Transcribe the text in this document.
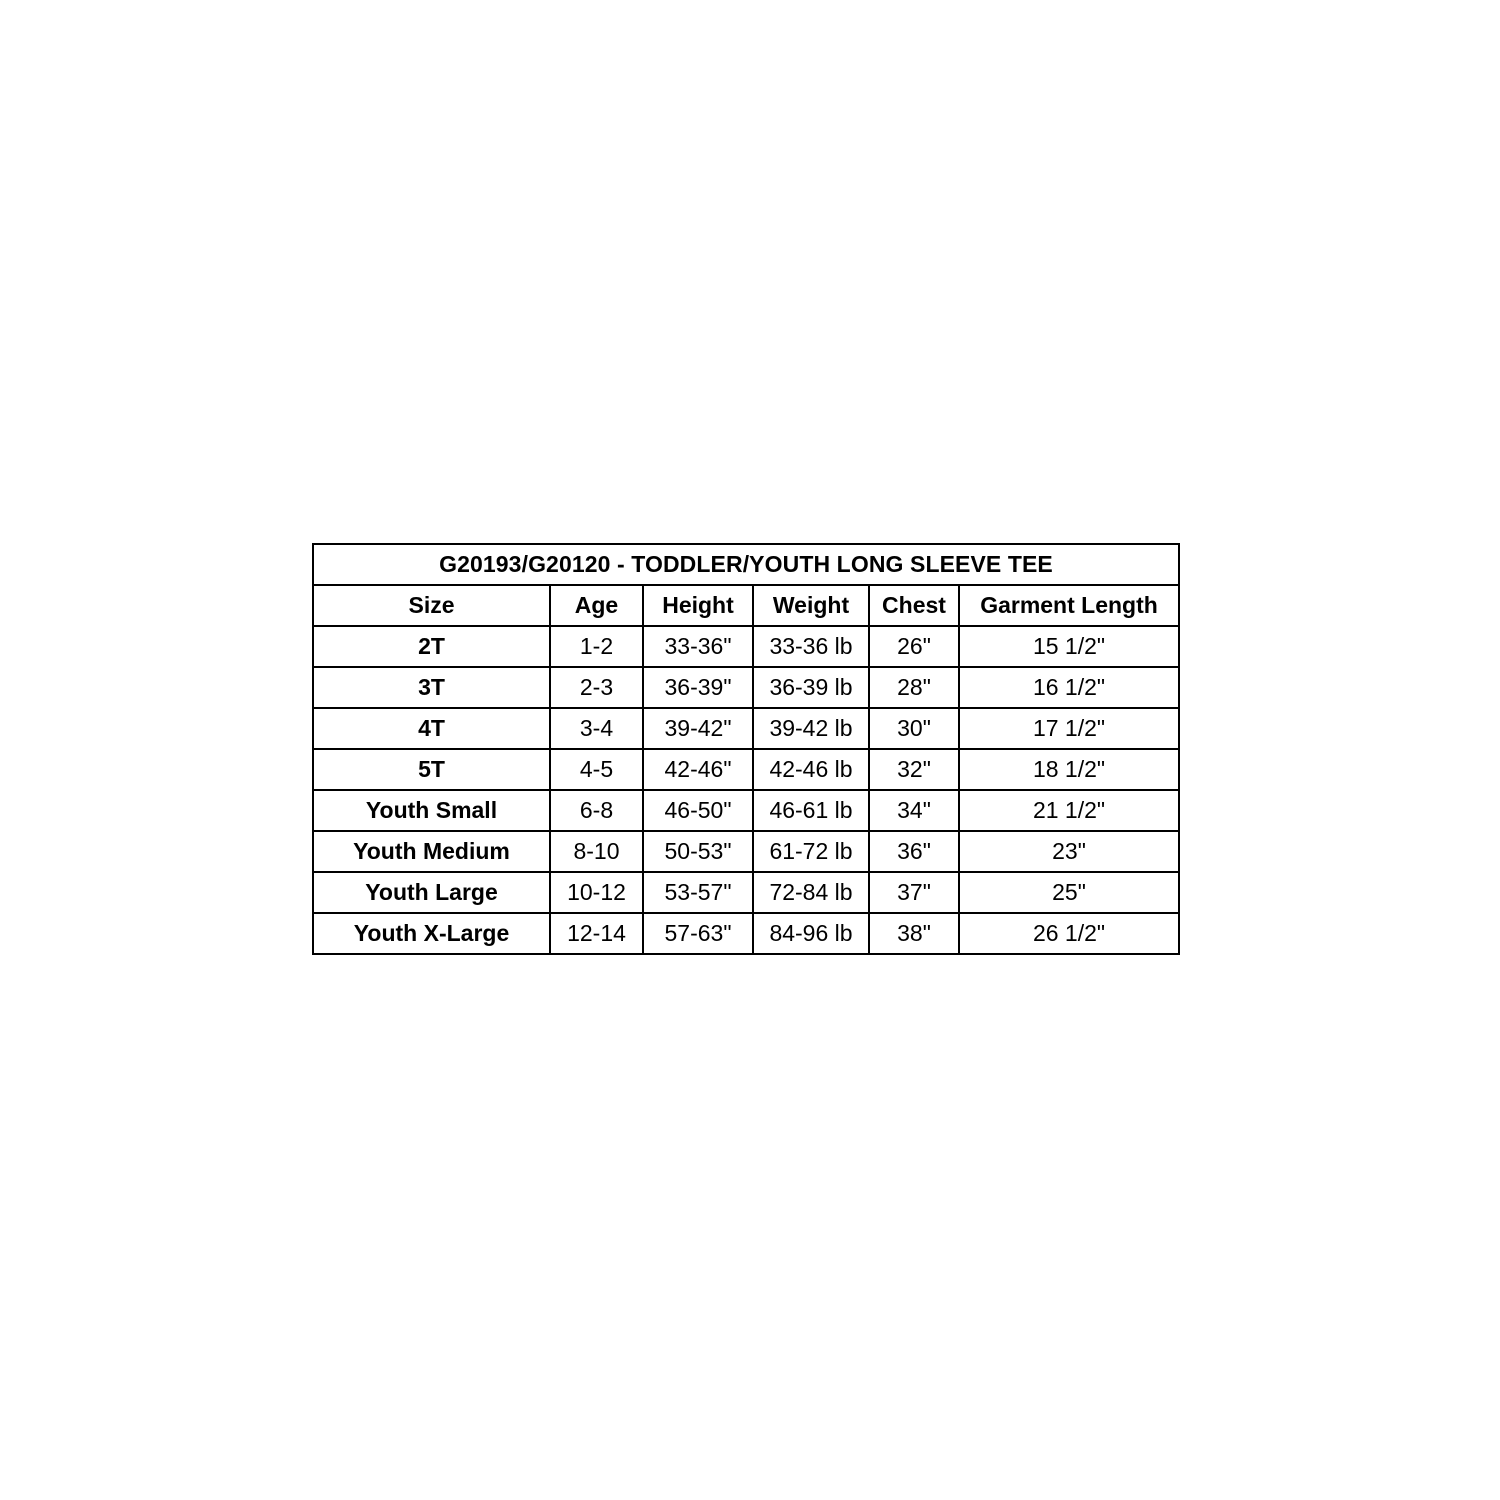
G20193/G20120 - TODDLER/YOUTH LONG SLEEVE TEE					
Size	Age	Height	Weight	Chest	Garment Length
2T	1-2	33-36"	33-36 lb	26"	15 1/2"
3T	2-3	36-39"	36-39 lb	28"	16 1/2"
4T	3-4	39-42"	39-42 lb	30"	17 1/2"
5T	4-5	42-46"	42-46 lb	32"	18 1/2"
Youth Small	6-8	46-50"	46-61 lb	34"	21 1/2"
Youth Medium	8-10	50-53"	61-72 lb	36"	23"
Youth Large	10-12	53-57"	72-84 lb	37"	25"
Youth X-Large	12-14	57-63"	84-96 lb	38"	26 1/2"
